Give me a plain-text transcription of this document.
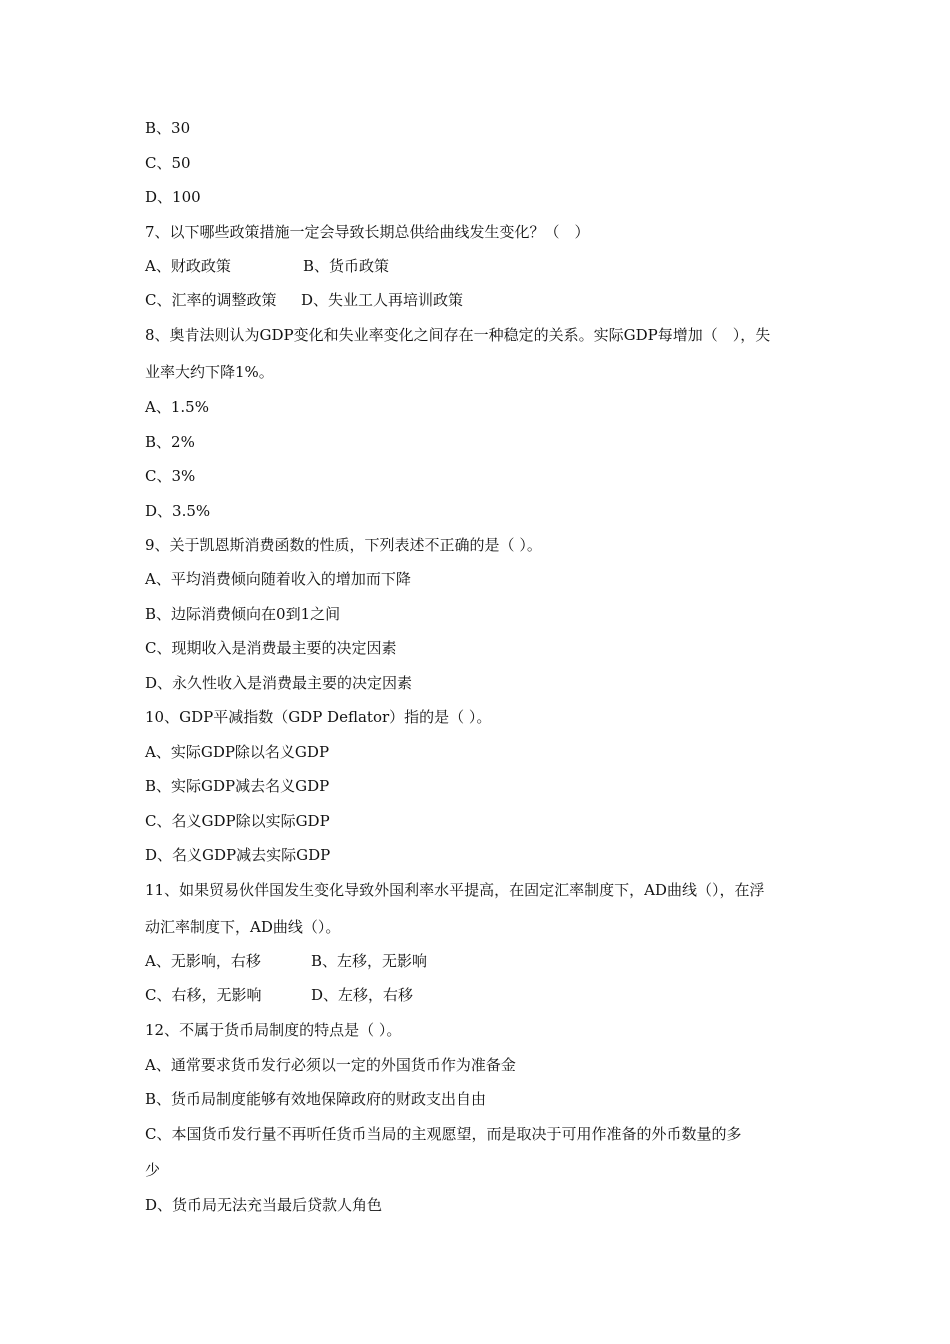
B、30
C、50
D、100
7、以下哪些政策措施一定会导致长期总供给曲线发生变化？（　）
A、财政政策	B、货币政策
C、汇率的调整政策 D、失业工人再培训政策
8、奥肯法则认为GDP变化和失业率变化之间存在一种稳定的关系。实际GDP每增加（　），失
业率大约下降1%。
A、1.5%
B、2%
C、3%
D、3.5%
9、关于凯恩斯消费函数的性质，下列表述不正确的是（ ）。
A、平均消费倾向随着收入的增加而下降
B、边际消费倾向在0到1之间
C、现期收入是消费最主要的决定因素
D、永久性收入是消费最主要的决定因素
10、GDP平减指数（GDP Deflator）指的是（ ）。
A、实际GDP除以名义GDP
B、实际GDP减去名义GDP
C、名义GDP除以实际GDP
D、名义GDP减去实际GDP
11、如果贸易伙伴国发生变化导致外国利率水平提高，在固定汇率制度下，AD曲线（），在浮
动汇率制度下，AD曲线（）。
A、无影响，右移	B、左移，无影响
C、右移，无影响	D、左移，右移
12、不属于货币局制度的特点是（ ）。
A、通常要求货币发行必须以一定的外国货币作为准备金
B、货币局制度能够有效地保障政府的财政支出自由
C、本国货币发行量不再听任货币当局的主观愿望，而是取决于可用作准备的外币数量的多
少
D、货币局无法充当最后贷款人角色
